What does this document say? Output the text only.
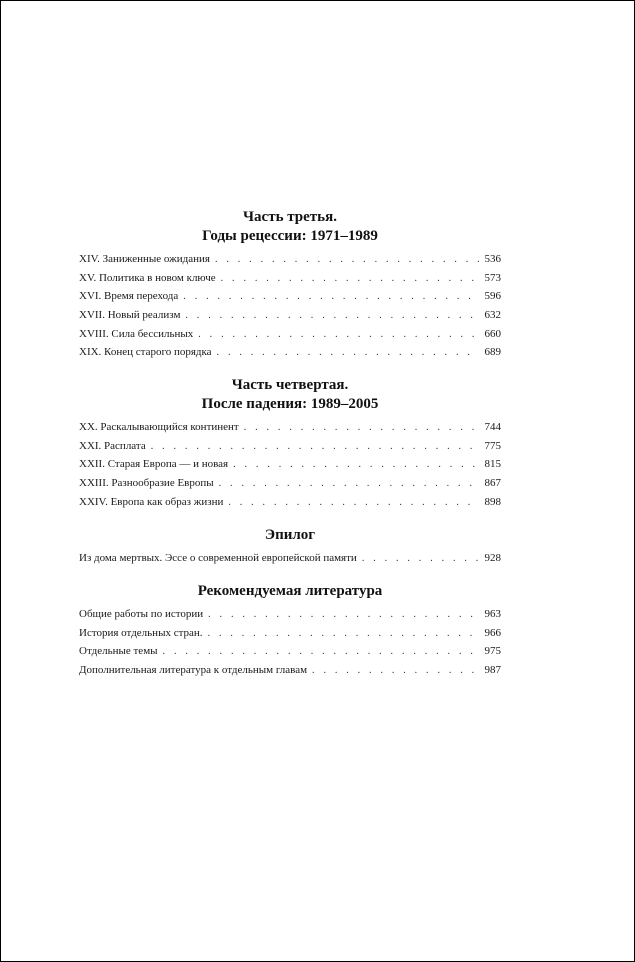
Часть третья.
Годы рецессии: 1971–1989
XIV. Заниженные ожидания . . .	536
XV. Политика в новом ключе . . .	573
XVI. Время перехода . . .	596
XVII. Новый реализм . . .	632
XVIII. Сила бессильных . . .	660
XIX. Конец старого порядка . . .	689
Часть четвертая.
После падения: 1989–2005
XX. Раскалывающийся континент . . .	744
XXI. Расплата . . .	775
XXII. Старая Европа — и новая . . .	815
XXIII. Разнообразие Европы . . .	867
XXIV. Европа как образ жизни . . .	898
Эпилог
Из дома мертвых. Эссе о современной европейской памяти . . .	928
Рекомендуемая литература
Общие работы по истории . . .	963
История отдельных стран. . . .	966
Отдельные темы . . .	975
Дополнительная литература к отдельным главам . . .	987
